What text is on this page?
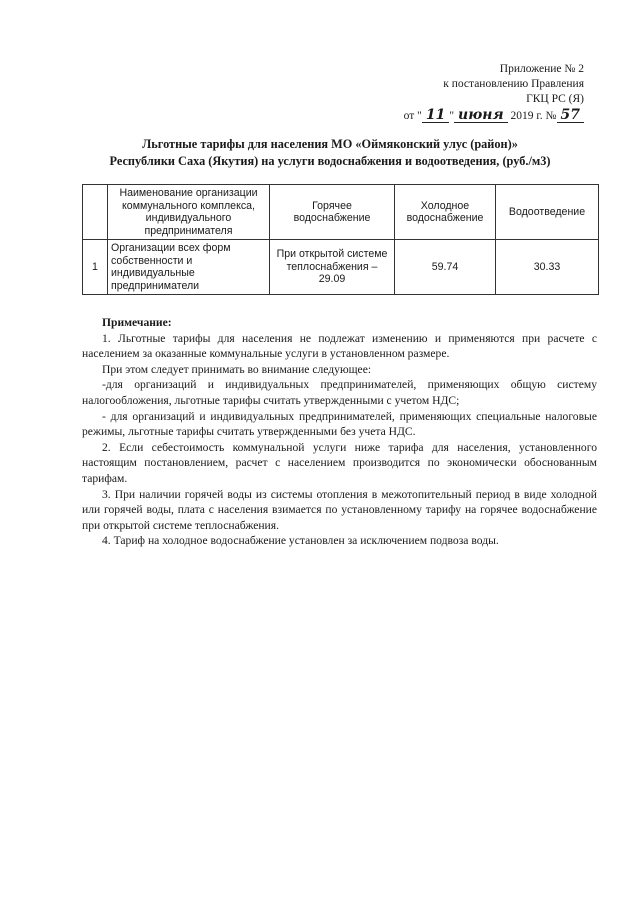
Приложение № 2
к постановлению Правления
ГКЦ РС (Я)
от " 11 " июня 2019 г. № 57
Льготные тарифы для населения МО «Оймяконский улус (район)»
Республики Саха (Якутия) на услуги водоснабжения и водоотведения, (руб./м3)
	Наименование организации коммунального комплекса, индивидуального предпринимателя	Горячее водоснабжение	Холодное водоснабжение	Водоотведение
1	Организации всех форм собственности и индивидуальные предприниматели	При открытой системе теплоснабжения – 29.09	59.74	30.33

Примечание:

1. Льготные тарифы для населения не подлежат изменению и применяются при расчете с населением за оказанные коммунальные услуги в установленном размере.

При этом следует принимать во внимание следующее:

-для организаций и индивидуальных предпринимателей, применяющих общую систему налогообложения, льготные тарифы считать утвержденными с учетом НДС;

- для организаций и индивидуальных предпринимателей, применяющих специальные налоговые режимы, льготные тарифы считать утвержденными без учета НДС.

2. Если себестоимость коммунальной услуги ниже тарифа для населения, установленного настоящим постановлением, расчет с населением производится по экономически обоснованным тарифам.

3. При наличии горячей воды из системы отопления в межотопительный период в виде холодной или горячей воды, плата с населения взимается по установленному тарифу на горячее водоснабжение при открытой системе теплоснабжения.

4. Тариф на холодное водоснабжение установлен за исключением подвоза воды.
